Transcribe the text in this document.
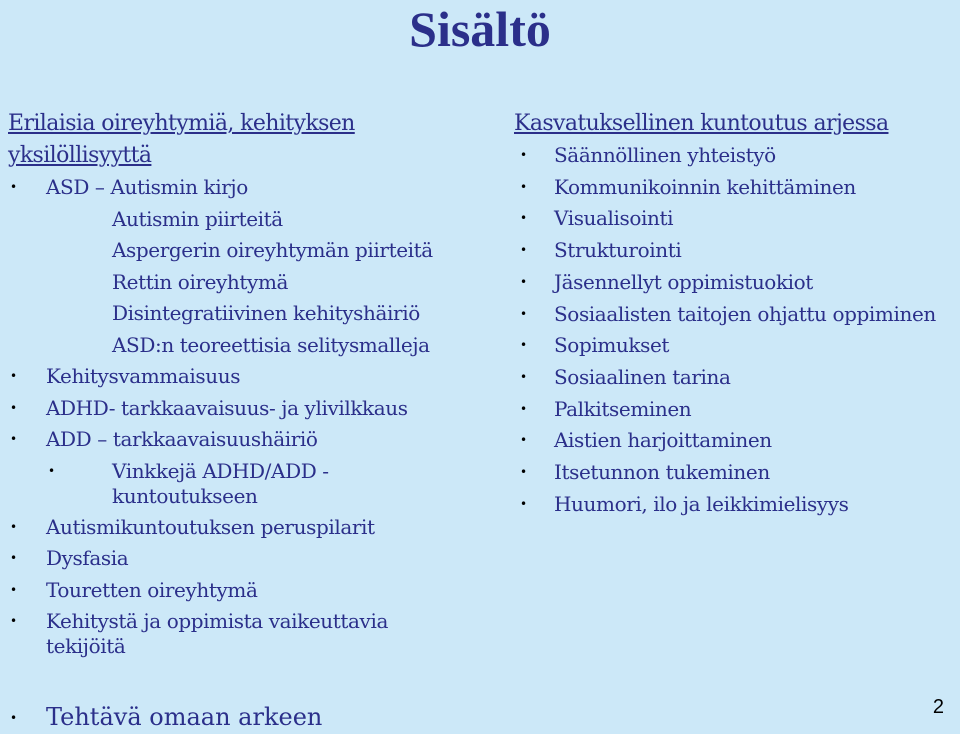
Sisältö
Erilaisia oireyhtymiä, kehityksen
yksilöllisyyttä
• ASD – Autismin kirjo
Autismin piirteitä
Aspergerin oireyhtymän piirteitä
Rettin oireyhtymä
Disintegratiivinen kehityshäiriö
ASD:n teoreettisia selitysmalleja
• Kehitysvammaisuus
• ADHD- tarkkaavaisuus- ja ylivilkkaus
• ADD – tarkkaavaisuushäiriö
•	Vinkkejä ADHD/ADD -
kuntoutukseen
• Autismikuntoutuksen peruspilarit
• Dysfasia
• Touretten oireyhtymä
• Kehitystä ja oppimista vaikeuttavia
tekijöitä
Kasvatuksellinen kuntoutus arjessa
• Säännöllinen yhteistyö
• Kommunikoinnin kehittäminen
• Visualisointi
• Strukturointi
• Jäsennellyt oppimistuokiot
• Sosiaalisten taitojen ohjattu oppiminen
• Sopimukset
• Sosiaalinen tarina
• Palkitseminen
• Aistien harjoittaminen
• Itsetunnon tukeminen
• Huumori, ilo ja leikkimielisyys
• Tehtävä omaan arkeen	2
